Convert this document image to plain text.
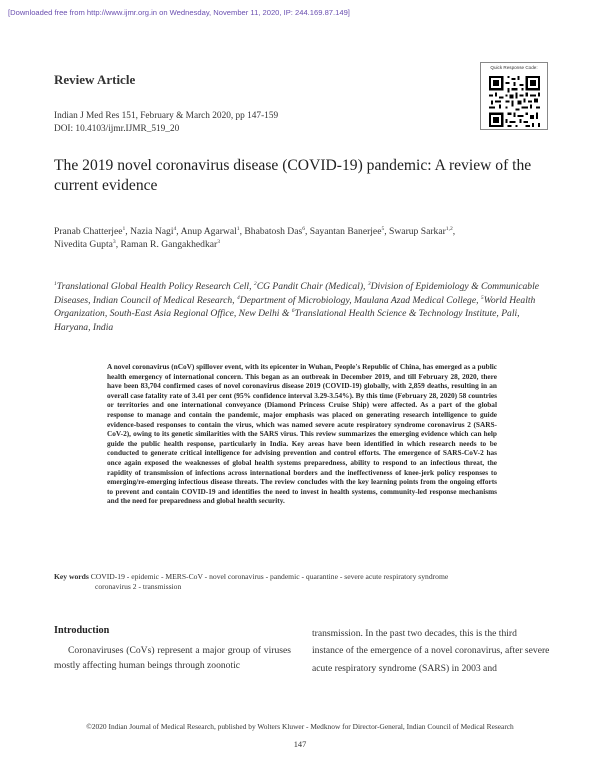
[Downloaded free from http://www.ijmr.org.in on Wednesday, November 11, 2020, IP: 244.169.87.149]
Review Article
Quick Response Code:
Indian J Med Res 151, February & March 2020, pp 147-159
DOI: 10.4103/ijmr.IJMR_519_20
The 2019 novel coronavirus disease (COVID-19) pandemic: A review of the current evidence
Pranab Chatterjee$^1$, Nazia Nagi$^4$, Anup Agarwal$^1$, Bhabatosh Das$^6$, Sayantan Banerjee$^5$, Swarup Sarkar$^{1,2}$,
Nivedita Gupta$^3$, Raman R. Gangakhedkar$^3$
$^1$Translational Global Health Policy Research Cell, $^2$CG Pandit Chair (Medical), $^3$Division of Epidemiology & Communicable Diseases, Indian Council of Medical Research, $^4$Department of Microbiology, Maulana Azad Medical College, $^5$World Health Organization, South-East Asia Regional Office, New Delhi & $^6$Translational Health Science & Technology Institute, Pali, Haryana, India
A novel coronavirus (nCoV) spillover event, with its epicenter in Wuhan, People's Republic of China, has emerged as a public health emergency of international concern. This began as an outbreak in December 2019, and till February 28, 2020, there have been 83,704 confirmed cases of novel coronavirus disease 2019 (COVID-19) globally, with 2,859 deaths, resulting in an overall case fatality rate of 3.41 per cent (95% confidence interval 3.29-3.54%). By this time (February 28, 2020) 58 countries or territories and one international conveyance (Diamond Princess Cruise Ship) were affected. As a part of the global response to manage and contain the pandemic, major emphasis was placed on generating research intelligence to guide evidence-based responses to contain the virus, which was named severe acute respiratory syndrome coronavirus 2 (SARS-CoV-2), owing to its genetic similarities with the SARS virus. This review summarizes the emerging evidence which can help guide the public health response, particularly in India. Key areas have been identified in which research needs to be conducted to generate critical intelligence for advising prevention and control efforts. The emergence of SARS-CoV-2 has once again exposed the weaknesses of global health systems preparedness, ability to respond to an infectious threat, the rapidity of transmission of infections across international borders and the ineffectiveness of knee-jerk policy responses to emerging/re-emerging infectious disease threats. The review concludes with the key learning points from the ongoing efforts to prevent and contain COVID-19 and identifies the need to invest in health systems, community-led response mechanisms and the need for preparedness and global health security.
Key words COVID-19 - epidemic - MERS-CoV - novel coronavirus - pandemic - quarantine - severe acute respiratory syndrome
coronavirus 2 - transmission
Introduction
Coronaviruses (CoVs) represent a major group of viruses mostly affecting human beings through zoonotic
transmission. In the past two decades, this is the third instance of the emergence of a novel coronavirus, after severe acute respiratory syndrome (SARS) in 2003 and
©2020 Indian Journal of Medical Research, published by Wolters Kluwer - Medknow for Director-General, Indian Council of Medical Research
147
